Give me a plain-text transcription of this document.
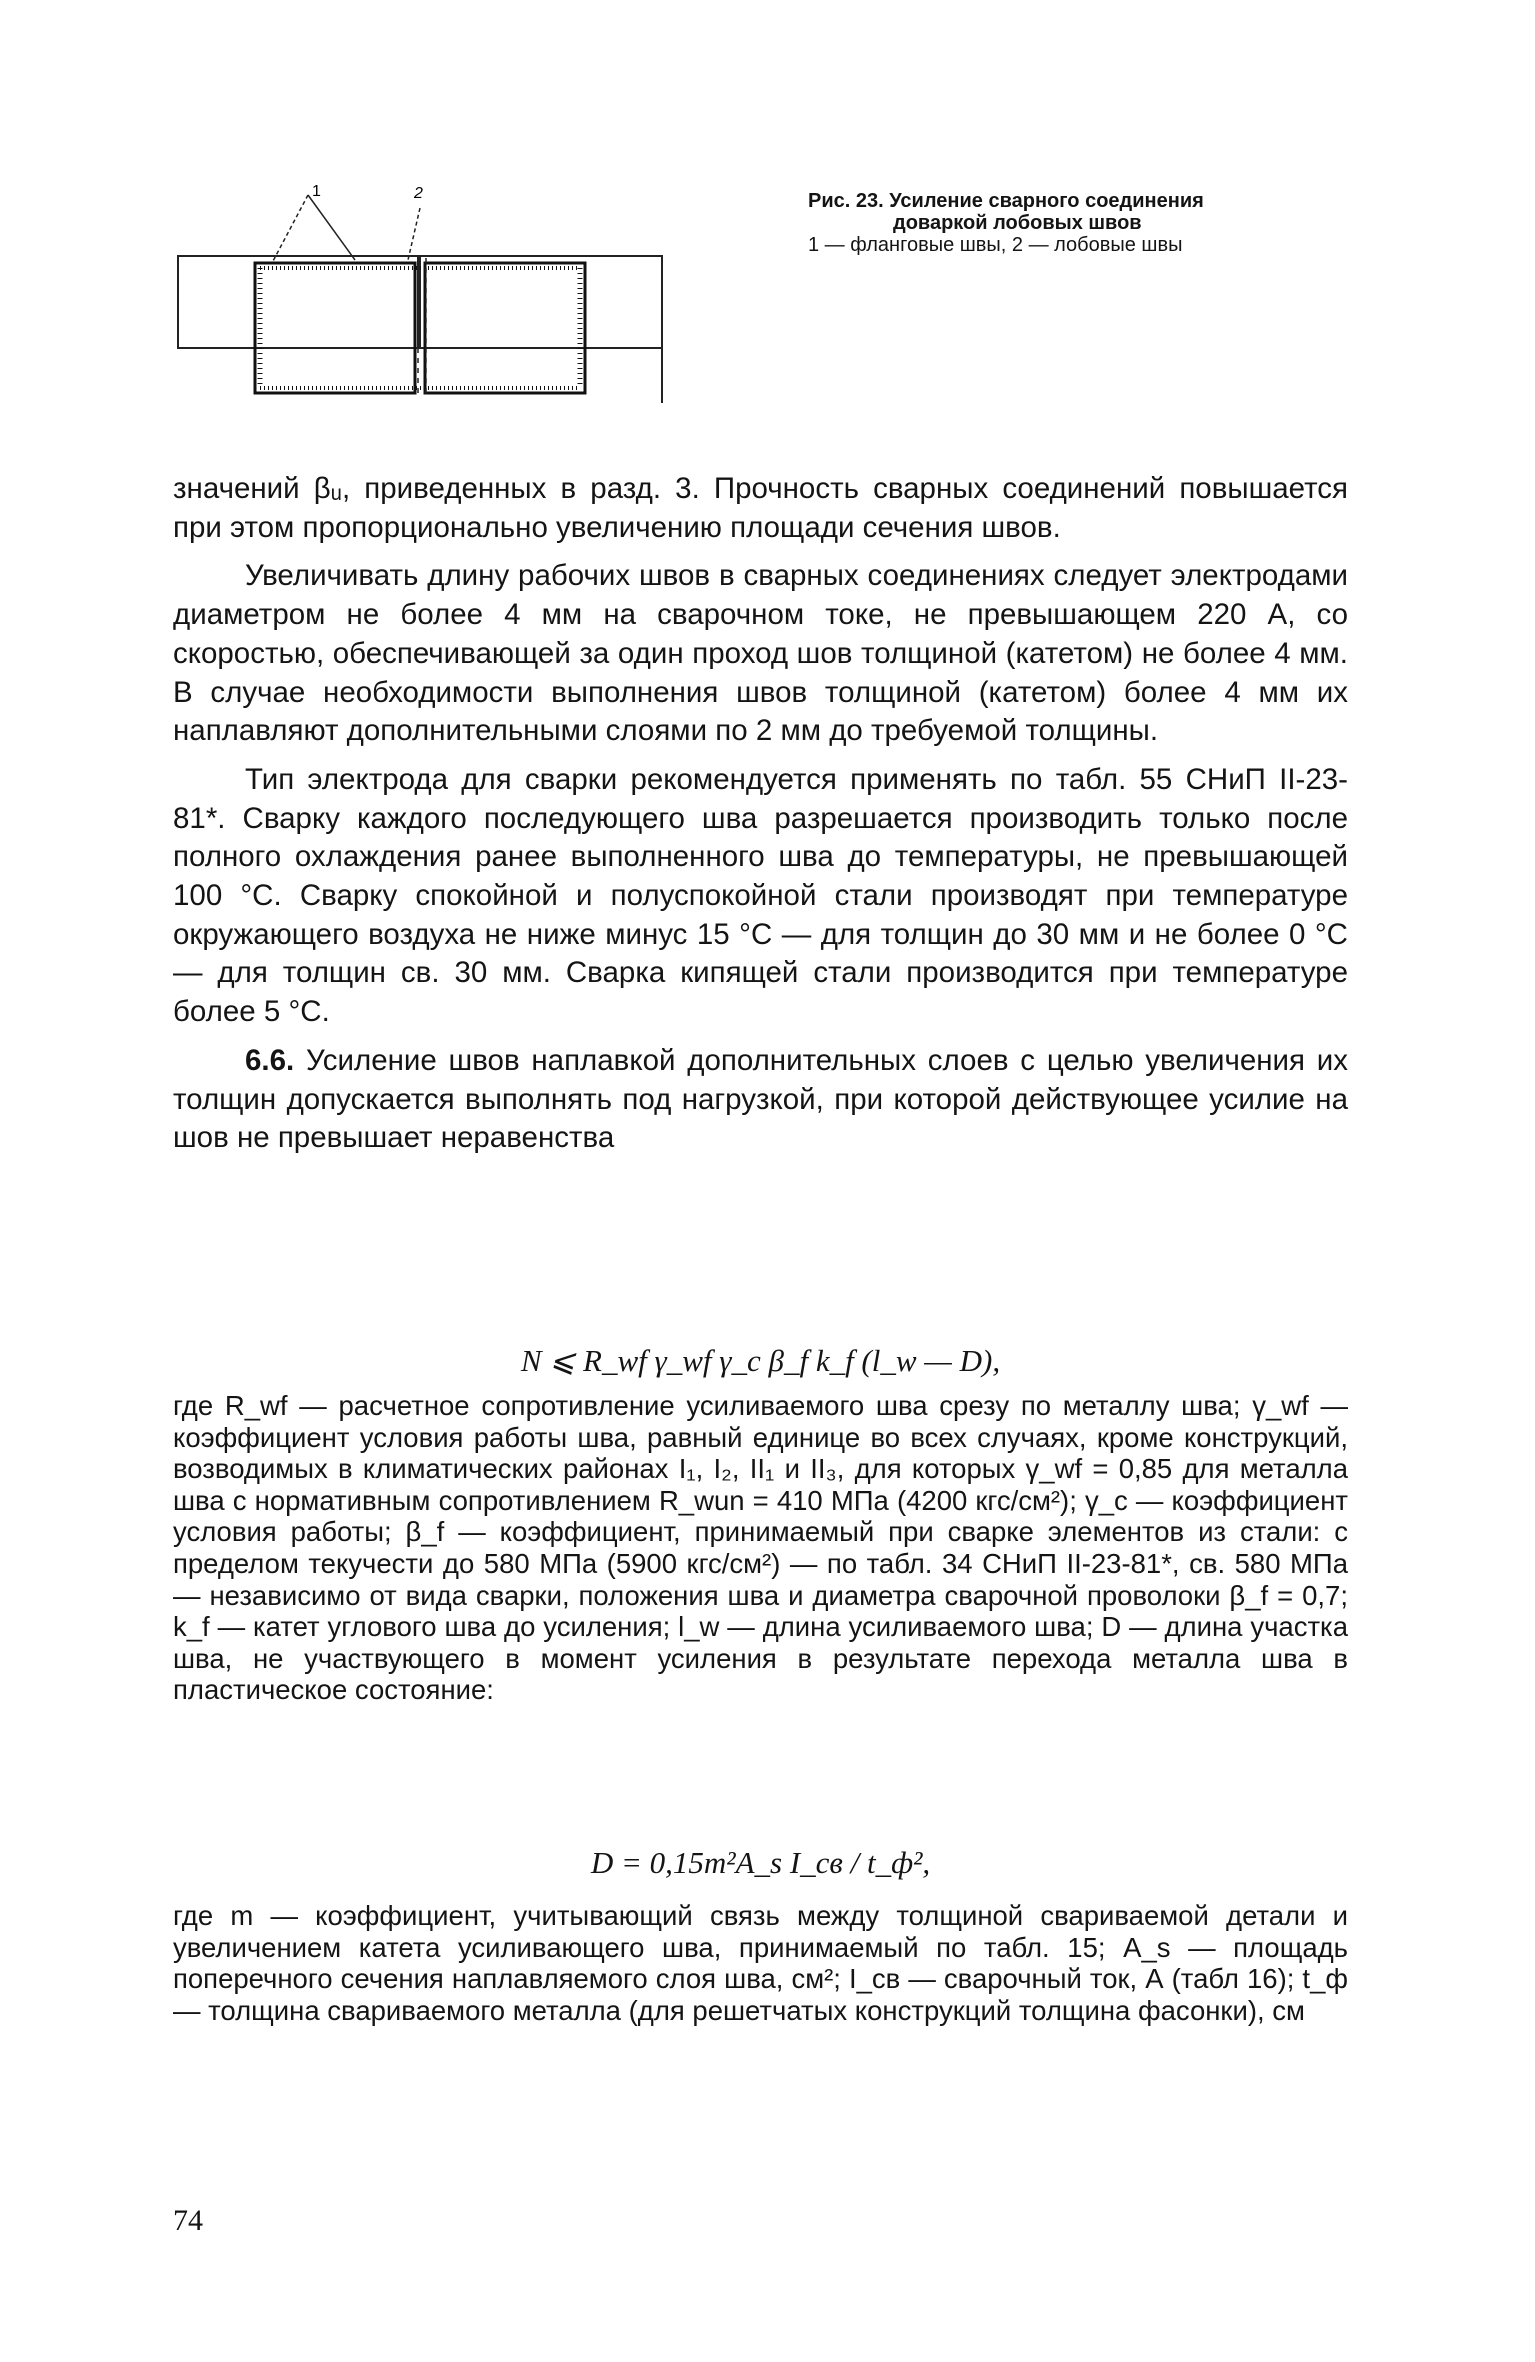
1	2	Рис. 23. Усиление сварного соединения
доваркой лобовых швов
1 — фланговые швы, 2 — лобовые швы

значений βᵤ, приведенных в разд. 3. Прочность сварных соединений повышается при этом пропорционально увеличению площади сечения швов.

Увеличивать длину рабочих швов в сварных соединениях следует электродами диаметром не более 4 мм на сварочном токе, не превышающем 220 А, со скоростью, обеспечивающей за один проход шов толщиной (катетом) не более 4 мм. В случае необходимости выполнения швов толщиной (катетом) более 4 мм их наплавляют дополнительными слоями по 2 мм до требуемой толщины.

Тип электрода для сварки рекомендуется применять по табл. 55 СНиП II-23-81*. Сварку каждого последующего шва разрешается производить только после полного охлаждения ранее выполненного шва до температуры, не превышающей 100 °С. Сварку спокойной и полуспокойной стали производят при температуре окружающего воздуха не ниже минус 15 °С — для толщин до 30 мм и не более 0 °С — для толщин св. 30 мм. Сварка кипящей стали производится при температуре более 5 °С.

6.6. Усиление швов наплавкой дополнительных слоев с целью увеличения их толщин допускается выполнять под нагрузкой, при которой действующее усилие на шов не превышает неравенства

N ⩽ R_wf γ_wf γ_c β_f k_f (l_w — D),

где R_wf — расчетное сопротивление усиливаемого шва срезу по металлу шва; γ_wf — коэффициент условия работы шва, равный единице во всех случаях, кроме конструкций, возводимых в климатических районах I₁, I₂, II₁ и II₃, для которых γ_wf = 0,85 для металла шва с нормативным сопротивлением R_wun = 410 МПа (4200 кгс/см²); γ_c — коэффициент условия работы; β_f — коэффициент, принимаемый при сварке элементов из стали: с пределом текучести до 580 МПа (5900 кгс/см²) — по табл. 34 СНиП II-23-81*, св. 580 МПа — независимо от вида сварки, положения шва и диаметра сварочной проволоки β_f = 0,7; k_f — катет углового шва до усиления; l_w — длина усиливаемого шва; D — длина участка шва, не участвующего в момент усиления в результате перехода металла шва в пластическое состояние:

D = 0,15m²A_s I_св / t_ф²,

где m — коэффициент, учитывающий связь между толщиной свариваемой детали и увеличением катета усиливающего шва, принимаемый по табл. 15; A_s — площадь поперечного сечения наплавляемого слоя шва, см²; I_св — сварочный ток, А (табл 16); t_ф — толщина свариваемого металла (для решетчатых конструкций толщина фасонки), см

74
